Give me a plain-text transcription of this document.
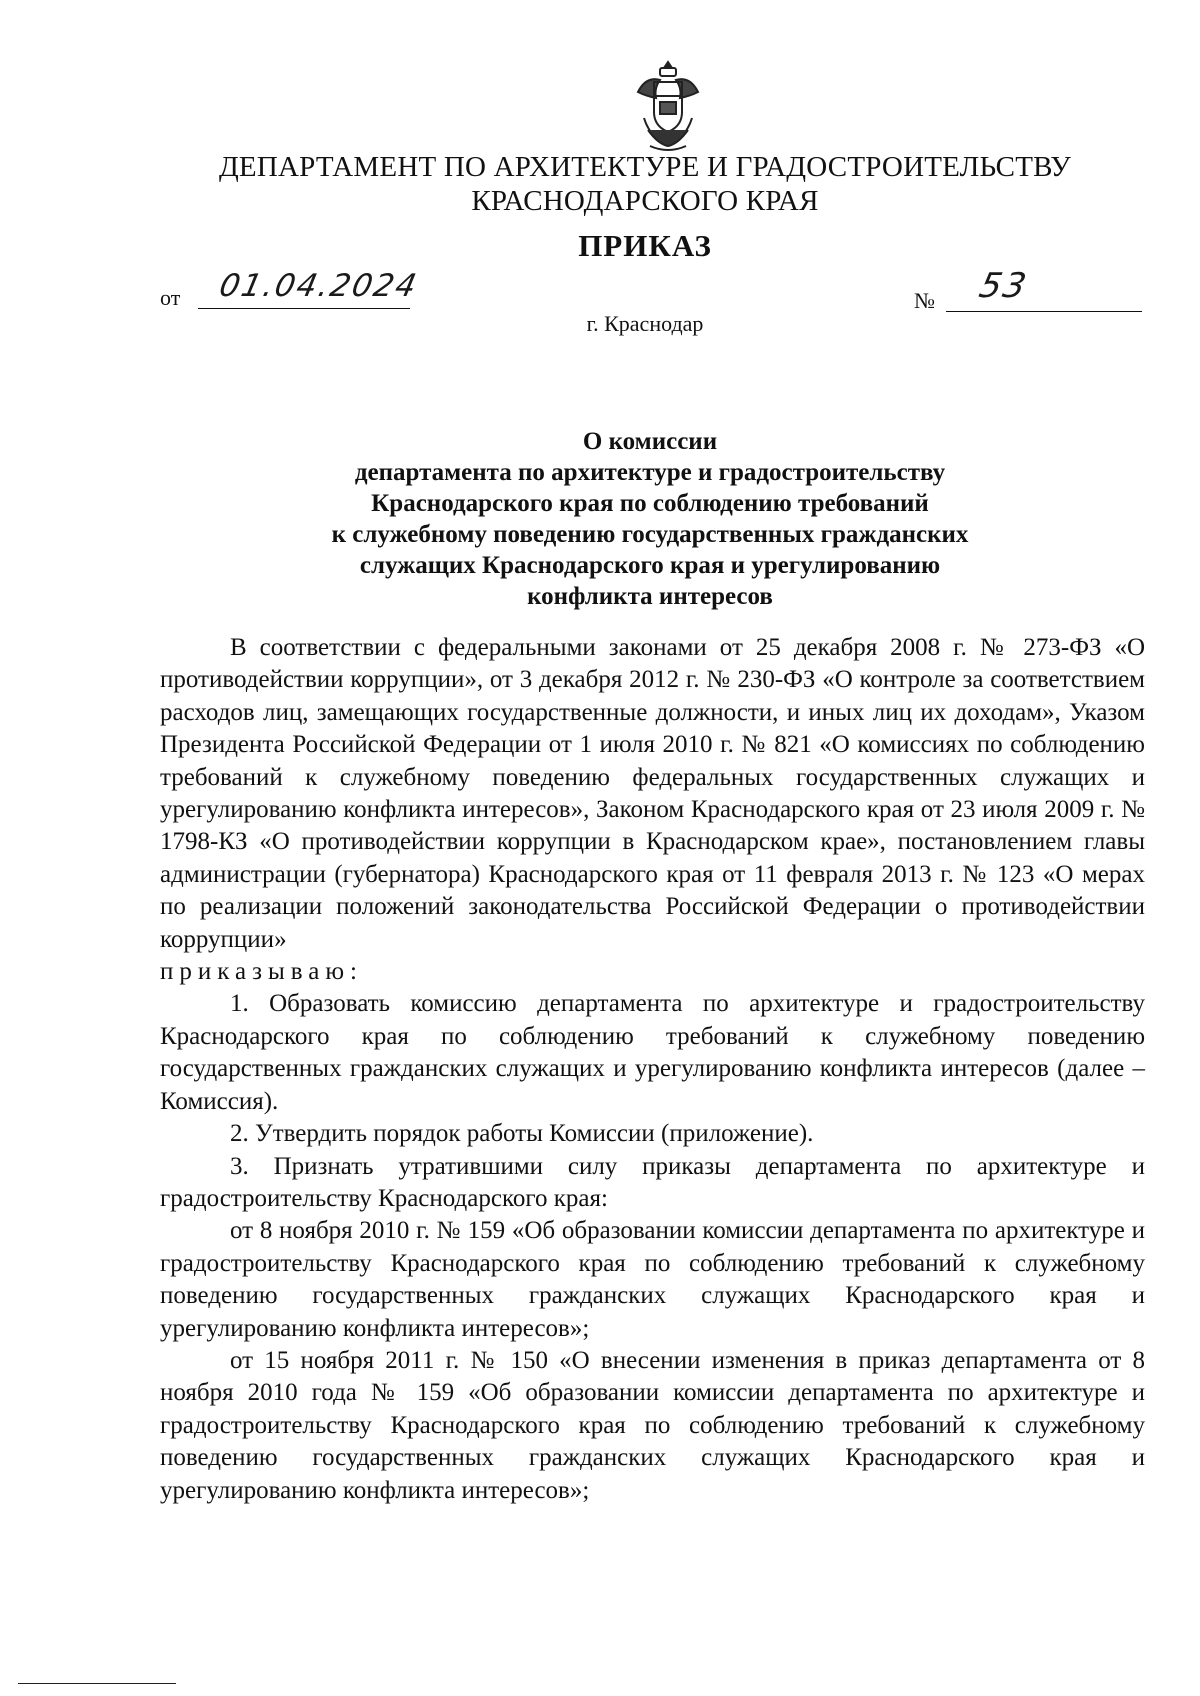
ДЕПАРТАМЕНТ ПО АРХИТЕКТУРЕ И ГРАДОСТРОИТЕЛЬСТВУ
КРАСНОДАРСКОГО КРАЯ
ПРИКАЗ
от 01.04.2024	№ 53
г. Краснодар
О комиссии
департамента по архитектуре и градостроительству
Краснодарского края по соблюдению требований
к служебному поведению государственных гражданских
служащих Краснодарского края и урегулированию
конфликта интересов

В соответствии с федеральными законами от 25 декабря 2008 г. № 273-ФЗ «О противодействии коррупции», от 3 декабря 2012 г. № 230-ФЗ «О контроле за соответствием расходов лиц, замещающих государственные должности, и иных лиц их доходам», Указом Президента Российской Федерации от 1 июля 2010 г. № 821 «О комиссиях по соблюдению требований к служебному поведению федеральных государственных служащих и урегулированию конфликта интересов», Законом Краснодарского края от 23 июля 2009 г. № 1798-КЗ «О противодействии коррупции в Краснодарском крае», постановлением главы администрации (губернатора) Краснодарского края от 11 февраля 2013 г. № 123 «О мерах по реализации положений законодательства Российской Федерации о противодействии коррупции»

приказываю:

1. Образовать комиссию департамента по архитектуре и градостроительству Краснодарского края по соблюдению требований к служебному поведению государственных гражданских служащих и урегулированию конфликта интересов (далее – Комиссия).

2. Утвердить порядок работы Комиссии (приложение).

3. Признать утратившими силу приказы департамента по архитектуре и градостроительству Краснодарского края:

от 8 ноября 2010 г. № 159 «Об образовании комиссии департамента по архитектуре и градостроительству Краснодарского края по соблюдению требований к служебному поведению государственных гражданских служащих Краснодарского края и урегулированию конфликта интересов»;

от 15 ноября 2011 г. № 150 «О внесении изменения в приказ департамента от 8 ноября 2010 года № 159 «Об образовании комиссии департамента по архитектуре и градостроительству Краснодарского края по соблюдению требований к служебному поведению государственных гражданских служащих Краснодарского края и урегулированию конфликта интересов»;
